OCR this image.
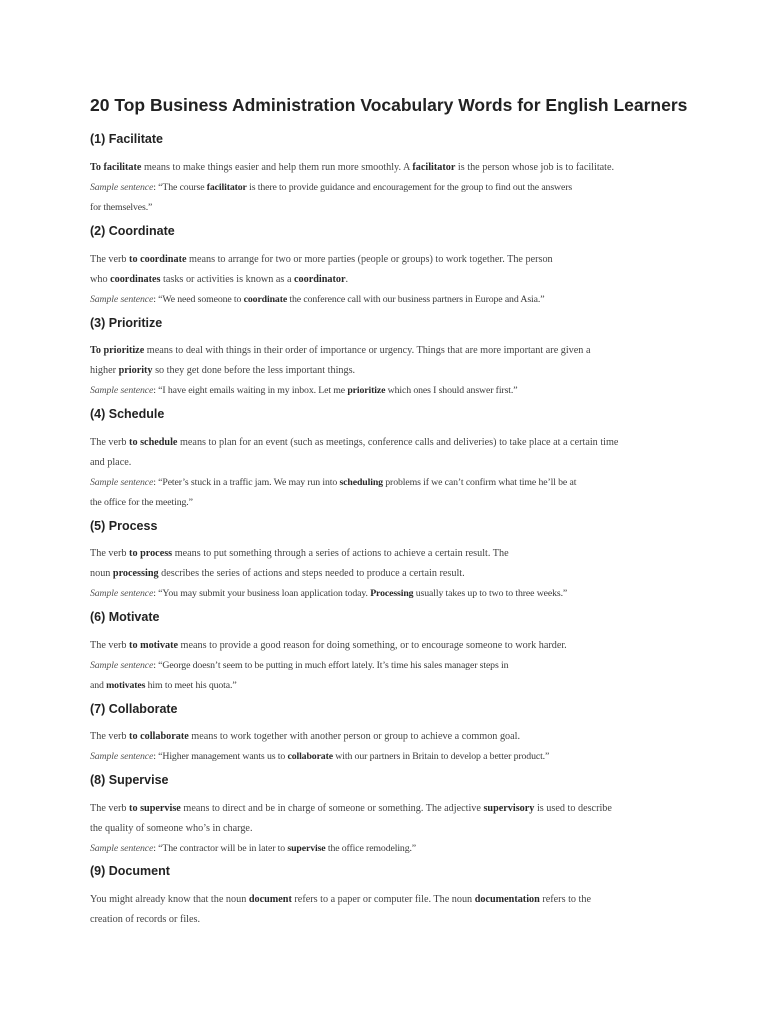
20 Top Business Administration Vocabulary Words for English Learners
(1) Facilitate

To facilitate means to make things easier and help them run more smoothly. A facilitator is the person whose job is to facilitate.

Sample sentence: “The course facilitator is there to provide guidance and encouragement for the group to find out the answers

for themselves.”

(2) Coordinate

The verb to coordinate means to arrange for two or more parties (people or groups) to work together. The person

who coordinates tasks or activities is known as a coordinator.

Sample sentence: “We need someone to coordinate the conference call with our business partners in Europe and Asia.”

(3) Prioritize

To prioritize means to deal with things in their order of importance or urgency. Things that are more important are given a

higher priority so they get done before the less important things.

Sample sentence: “I have eight emails waiting in my inbox. Let me prioritize which ones I should answer first.”

(4) Schedule

The verb to schedule means to plan for an event (such as meetings, conference calls and deliveries) to take place at a certain time

and place.

Sample sentence: “Peter’s stuck in a traffic jam. We may run into scheduling problems if we can’t confirm what time he’ll be at

the office for the meeting.”

(5) Process

The verb to process means to put something through a series of actions to achieve a certain result. The

noun processing describes the series of actions and steps needed to produce a certain result.

Sample sentence: “You may submit your business loan application today. Processing usually takes up to two to three weeks.”

(6) Motivate

The verb to motivate means to provide a good reason for doing something, or to encourage someone to work harder.

Sample sentence: “George doesn’t seem to be putting in much effort lately. It’s time his sales manager steps in

and motivates him to meet his quota.”

(7) Collaborate

The verb to collaborate means to work together with another person or group to achieve a common goal.

Sample sentence: “Higher management wants us to collaborate with our partners in Britain to develop a better product.”

(8) Supervise

The verb to supervise means to direct and be in charge of someone or something. The adjective supervisory is used to describe

the quality of someone who’s in charge.

Sample sentence: “The contractor will be in later to supervise the office remodeling.”

(9) Document

You might already know that the noun document refers to a paper or computer file. The noun documentation refers to the

creation of records or files.
